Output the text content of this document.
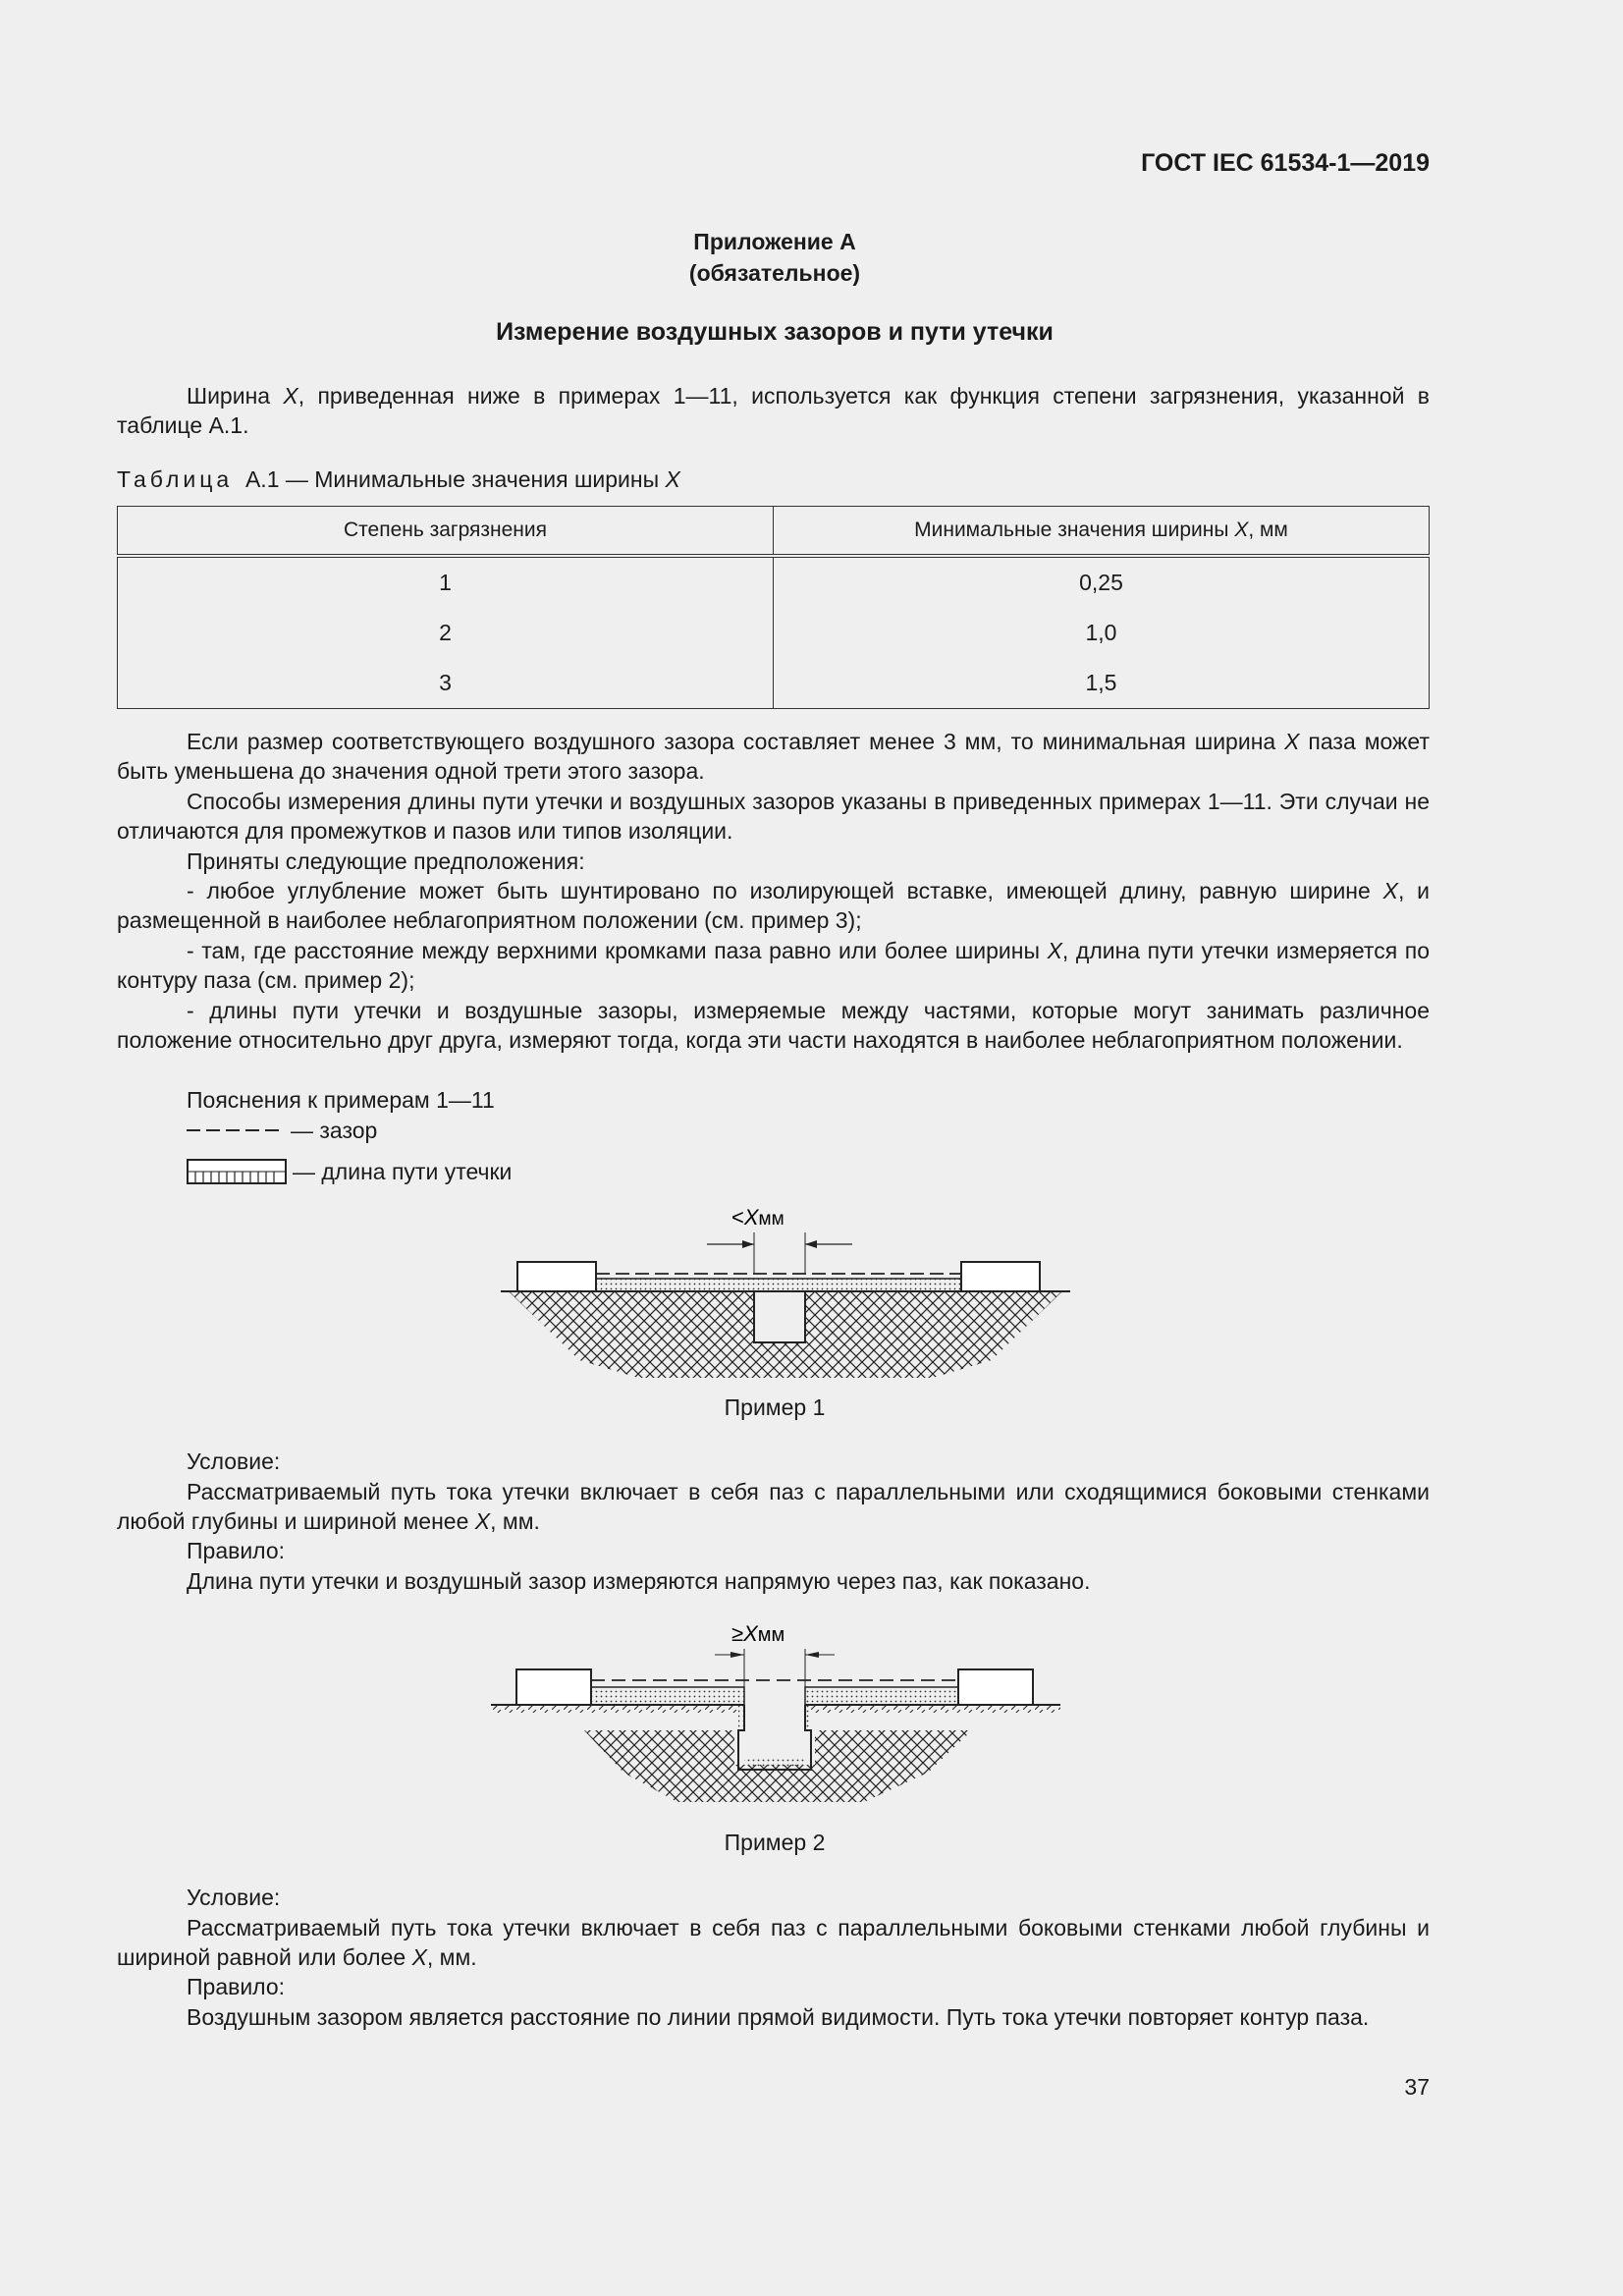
ГОСТ IEC 61534-1—2019
Приложение А
(обязательное)
Измерение воздушных зазоров и пути утечки
Ширина X, приведенная ниже в примерах 1—11, используется как функция степени загрязнения, указанной в таблице А.1.
Таблица А.1 — Минимальные значения ширины X
Степень загрязнения	Минимальные значения ширины X, мм
1	0,25
2	1,0
3	1,5
Если размер соответствующего воздушного зазора составляет менее 3 мм, то минимальная ширина X паза может быть уменьшена до значения одной трети этого зазора.
Способы измерения длины пути утечки и воздушных зазоров указаны в приведенных примерах 1—11. Эти случаи не отличаются для промежутков и пазов или типов изоляции.
Приняты следующие предположения:
- любое углубление может быть шунтировано по изолирующей вставке, имеющей длину, равную ширине X, и размещенной в наиболее неблагоприятном положении (см. пример 3);
- там, где расстояние между верхними кромками паза равно или более ширины X, длина пути утечки измеряется по контуру паза (см. пример 2);
- длины пути утечки и воздушные зазоры, измеряемые между частями, которые могут занимать различное положение относительно друг друга, измеряют тогда, когда эти части находятся в наиболее неблагоприятном положении.
Пояснения к примерам 1—11
— зазор
— длина пути утечки
<Xмм
Пример 1
Условие:
Рассматриваемый путь тока утечки включает в себя паз с параллельными или сходящимися боковыми стенками любой глубины и шириной менее X, мм.
Правило:
Длина пути утечки и воздушный зазор измеряются напрямую через паз, как показано.
≥Xмм
Пример 2
Условие:
Рассматриваемый путь тока утечки включает в себя паз с параллельными боковыми стенками любой глубины и шириной равной или более X, мм.
Правило:
Воздушным зазором является расстояние по линии прямой видимости. Путь тока утечки повторяет контур паза.
37
